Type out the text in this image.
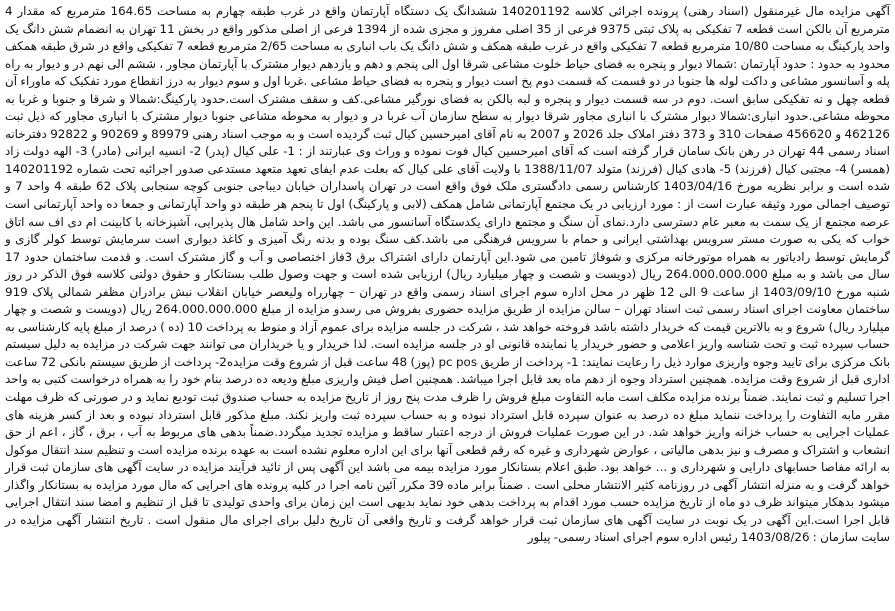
آگهی مزایده مال غیرمنقول (اسناد رهنی) پرونده اجرائی کلاسه 140201192 ششدانگ یک دستگاه آپارتمان واقع در غرب طبقه چهارم به مساحت 164.65 مترمربع که مقدار 4 مترمربع آن بالکن است قطعه 7 تفکیکی به پلاک ثبتی 9375 فرعی از 35 اصلی مفروز و مجزی شده از 1394 فرعی از اصلی مذکور واقع در بخش 11 تهران به انضمام شش دانگ یک واحد پارکینگ به مساحت 10/80 مترمربع قطعه 7 تفکیکی واقع در غرب طبقه همکف و شش دانگ یک باب انباری به مساحت 2/65 مترمربع قطعه 7 تفکیکی واقع در شرق طبقه همکف محدود به حدود : حدود آپارتمان :شمالا دیوار و پنجره به فضای حیاط خلوت مشاعی شرقا اول الی پنجم و دهم و یازدهم دیوار مشترک با آپارتمان مجاور ، ششم الی نهم در و دیوار به راه پله و آسانسور مشاعی و داکت لوله ها جنوبا در دو قسمت که قسمت دوم پخ است دیوار و پنجره به فضای حیاط مشاعی .غربا اول و سوم دیوار به درز انقطاع مورد تفکیک که ماوراء آن قطعه چهل و نه تفکیکی سابق است. دوم در سه قسمت دیوار و پنجره و لبه بالکن به فضای نورگیر مشاعی.کف و سقف مشترک است.حدود پارکینگ:شمالا و شرقا و جنوبا و غربا به محوطه مشاعی.حدود انباری:شمالا دیوار مشترک با انباری مجاور شرقا دیوار به سطح سازمان آب غربا در و دیوار به محوطه مشاعی جنوبا دیوار مشترک با انباری مجاور که ذیل ثبت 462126 و 456620 صفحات 310 و 373 دفتر املاک جلد 2026 و 2007 به نام آقای امیرحسین کیال ثبت گردیده است و به موجب اسناد رهنی 89979 و 90269 و 92822 دفترخانه اسناد رسمی 44 تهران در رهن بانک سامان قرار گرفته است که آقای امیرحسین کیال فوت نموده و وراث وی عبارتند از : 1- علی کیال (پدر) 2- انسیه ایرانی (مادر) 3- الهه دولت زاد (همسر) 4- مجتبی کیال (فرزند) 5- هادی کیال (فرزند) متولد 1388/11/07 با ولایت آقای علی کیال که بعلت عدم ایفای تعهد متعهد مستدعی صدور اجرائیه تحت شماره 140201192 شده است و برابر نظریه مورخ 1403/04/16 کارشناس رسمی دادگستری ملک فوق واقع است در تهران پاسداران خیابان دیباجی جنوبی کوچه سنجابی پلاک 62 طبقه 4 واحد 7 و توصیف اجمالی مورد وثیقه عبارت است از : مورد ارزیابی در یک مجتمع آپارتمانی شامل همکف (لابی و پارکینگ) اول تا پنجم هر طبقه دو واحد آپارتمانی و جمعا ده واحد آپارتمانی است عرصه مجتمع از یک سمت به معبر عام دسترسی دارد.نمای آن سنگ و مجتمع دارای یکدستگاه آسانسور می باشد. این واحد شامل هال پذیرایی، آشپزخانه با کابینت ام دی اف سه اتاق خواب که یکی به صورت مستر سرویس بهداشتی ایرانی و حمام با سرویس فرهنگی می باشد.کف سنگ بوده و بدنه رنگ آمیزی و کاغذ دیواری است سرمایش توسط کولر گازی و گرمایش توسط رادیاتور به همراه موتورخانه مرکزی و شوفاژ تامین می شود.این آپارتمان دارای اشتراک برق 3فاز اختصاصی و آب و گاز مشترک است. و قدمت ساختمان حدود 17 سال می باشد و به مبلغ 264.000.000.000 ریال (دویست و شصت و چهار میلیارد ریال) ارزیابی شده است و جهت وصول طلب بستانکار و حقوق دولتی کلاسه فوق الذکر در روز شنبه مورخ 1403/09/10 از ساعت 9 الی 12 ظهر در محل اداره سوم اجرای اسناد رسمی واقع در تهران – چهارراه ولیعصر خیابان انقلاب نبش برادران مظفر شمالی پلاک 919 ساختمان معاونت اجرای اسناد رسمی ثبت اسناد تهران – سالن مزایده از طریق مزایده حضوری بفروش می رسدو مزایده از مبلغ 264.000.000.000 ریال (دویست و شصت و چهار میلیارد ریال) شروع و به بالاترین قیمت که خریدار داشته باشد فروخته خواهد شد ، شرکت در جلسه مزایده برای عموم آزاد و منوط به پرداخت 10 (ده ) درصد از مبلغ پایه کارشناسی به حساب سپرده ثبت و تحت شناسه واریز اعلامی و حضور خریدار یا نماینده قانونی او در جلسه مزایده است. لذا خریدار و یا خریداران می توانند جهت شرکت در مزایده به دلیل سیستم بانک مرکزی برای تایید وجوه واریزی موارد ذیل را رعایت نمایند: 1- پرداخت از طریق pc pos (پوز) 48 ساعت قبل از شروع وقت مزایده2- پرداخت از طریق سیستم بانکی 72 ساعت اداری قبل از شروع وقت مزایده. همچنین استرداد وجوه از دهم ماه بعد قابل اجرا میباشد. همچنین اصل فیش واریزی مبلغ ودیعه ده درصد بنام خود را به همراه درخواست کتبی به واحد اجرا تسلیم و ثبت نمایند. ضمناً برنده مزایده مکلف است مابه التفاوت مبلغ فروش را ظرف مدت پنج روز از تاریخ مزایده به حساب صندوق ثبت تودیع نماید و در صورتی که ظرف مهلت مقرر مابه التفاوت را پرداخت ننماید مبلغ ده درصد به عنوان سپرده قابل استرداد نبوده و به حساب سپرده ثبت واریز نکند. مبلغ مذکور قابل استرداد نبوده و بعد از کسر هزینه های عملیات اجرایی به حساب خزانه واریز خواهد شد. در این صورت عملیات فروش از درجه اعتبار ساقط و مزایده تجدید میگردد.ضمناً بدهی های مربوط به آب ، برق ، گاز ، اعم از حق انشعاب و اشتراک و مصرف و نیز بدهی مالیاتی ، عوارض شهرداری و غیره که رقم قطعی آنها برای این اداره معلوم نشده است به عهده برنده مزایده است و تنظیم سند انتقال موکول به ارائه مفاصا حسابهای دارایی و شهرداری و ... خواهد بود. طبق اعلام بستانکار مورد مزایده بیمه می باشد این آگهی پس از تائید فرآیند مزایده در سایت آگهی های سازمان ثبت قرار خواهد گرفت و به منزله انتشار آگهی در روزنامه کثیر الانتشار محلی است . ضمناً برابر ماده 39 مکرر آئین نامه اجرا در کلیه پرونده های اجرایی که مال مورد مزایده به بستانکار واگذار میشود بدهکار میتواند ظرف دو ماه از تاریخ مزایده حسب مورد اقدام به پرداخت بدهی خود نماید بدیهی است این زمان برای واحدی تولیدی تا قبل از تنظیم و امضا سند انتقال اجرایی قابل اجرا است.این آگهی در یک نوبت در سایت آگهی های سازمان ثبت قرار خواهد گرفت و تاریخ واقعی آن تاریخ دلیل برای اجرای مال منقول است . تاریخ انتشار آگهی مزایده در سایت سازمان : 1403/08/26 رئیس اداره سوم اجرای اسناد رسمی- پیلور
